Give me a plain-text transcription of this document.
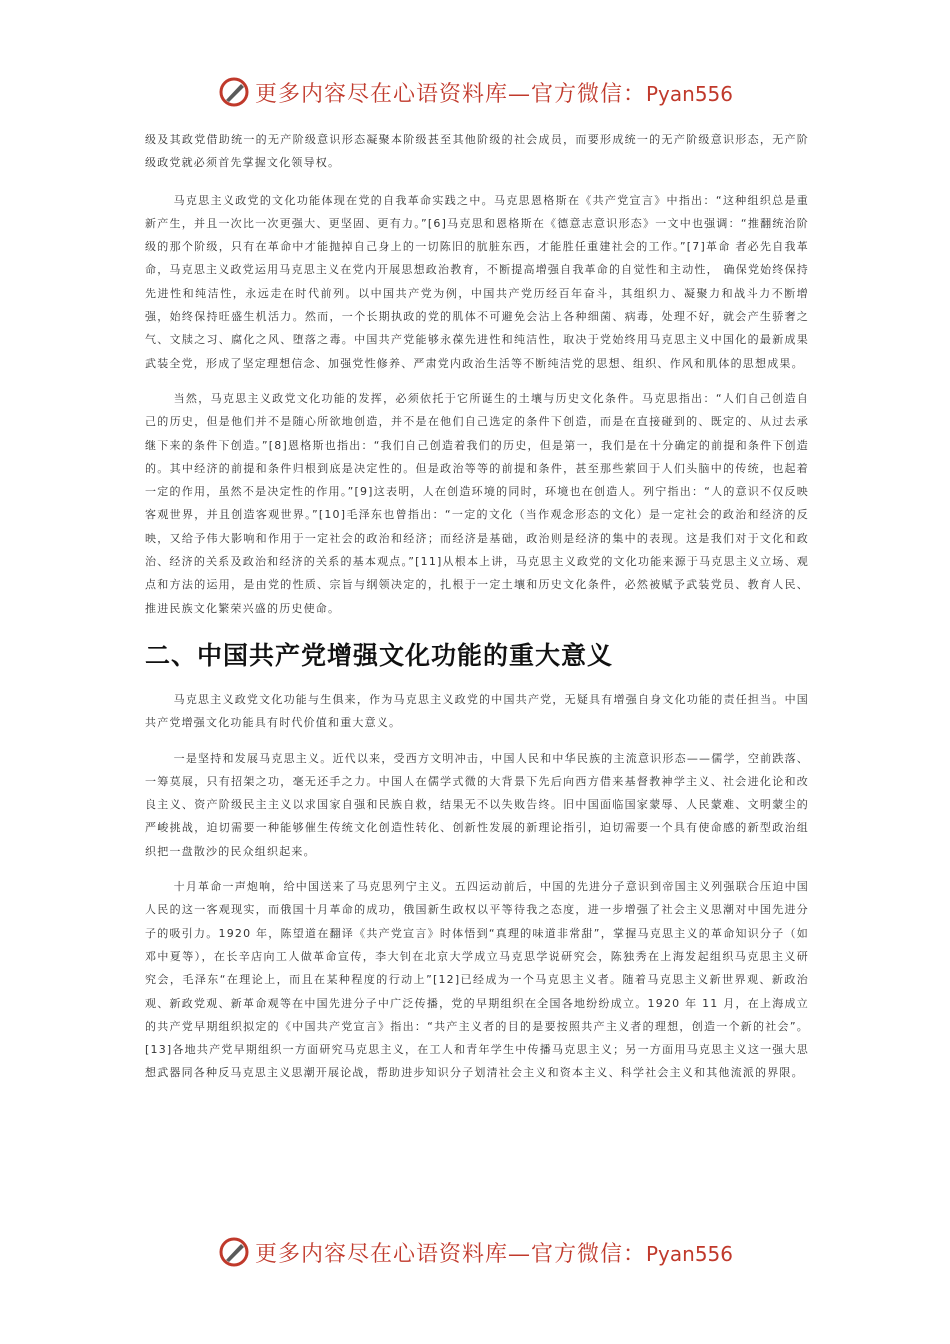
更多内容尽在心语资料库—官方微信：Pyan556

级及其政党借助统一的无产阶级意识形态凝聚本阶级甚至其他阶级的社会成员，而要形成统一的无产阶级意识形态，无产阶级政党就必须首先掌握文化领导权。

马克思主义政党的文化功能体现在党的自我革命实践之中。马克思恩格斯在《共产党宣言》中指出：“这种组织总是重新产生，并且一次比一次更强大、更坚固、更有力。”[6]马克思和恩格斯在《德意志意识形态》一文中也强调：“推翻统治阶级的那个阶级，只有在革命中才能抛掉自己身上的一切陈旧的肮脏东西，才能胜任重建社会的工作。”[7]革命 者必先自我革命，马克思主义政党运用马克思主义在党内开展思想政治教育，不断提高增强自我革命的自觉性和主动性， 确保党始终保持先进性和纯洁性，永远走在时代前列。以中国共产党为例，中国共产党历经百年奋斗，其组织力、凝聚力和战斗力不断增强，始终保持旺盛生机活力。然而，一个长期执政的党的肌体不可避免会沾上各种细菌、病毒，处理不好，就会产生骄奢之气、文牍之习、腐化之风、堕落之毒。中国共产党能够永葆先进性和纯洁性，取决于党始终用马克思主义中国化的最新成果武装全党，形成了坚定理想信念、加强党性修养、严肃党内政治生活等不断纯洁党的思想、组织、作风和肌体的思想成果。

当然，马克思主义政党文化功能的发挥，必须依托于它所诞生的土壤与历史文化条件。马克思指出：“人们自己创造自己的历史，但是他们并不是随心所欲地创造，并不是在他们自己选定的条件下创造，而是在直接碰到的、既定的、从过去承继下来的条件下创造。”[8]恩格斯也指出：“我们自己创造着我们的历史，但是第一，我们是在十分确定的前提和条件下创造的。其中经济的前提和条件归根到底是决定性的。但是政治等等的前提和条件，甚至那些萦回于人们头脑中的传统，也起着一定的作用，虽然不是决定性的作用。”[9]这表明，人在创造环境的同时，环境也在创造人。列宁指出：“人的意识不仅反映客观世界，并且创造客观世界。”[10]毛泽东也曾指出：“一定的文化（当作观念形态的文化）是一定社会的政治和经济的反映，又给予伟大影响和作用于一定社会的政治和经济；而经济是基础，政治则是经济的集中的表现。这是我们对于文化和政治、经济的关系及政治和经济的关系的基本观点。”[11]从根本上讲，马克思主义政党的文化功能来源于马克思主义立场、观点和方法的运用，是由党的性质、宗旨与纲领决定的，扎根于一定土壤和历史文化条件，必然被赋予武装党员、教育人民、推进民族文化繁荣兴盛的历史使命。

二、中国共产党增强文化功能的重大意义

马克思主义政党文化功能与生俱来，作为马克思主义政党的中国共产党，无疑具有增强自身文化功能的责任担当。中国共产党增强文化功能具有时代价值和重大意义。

一是坚持和发展马克思主义。近代以来，受西方文明冲击，中国人民和中华民族的主流意识形态——儒学，空前跌落、一筹莫展，只有招架之功，毫无还手之力。中国人在儒学式微的大背景下先后向西方借来基督教神学主义、社会进化论和改良主义、资产阶级民主主义以求国家自强和民族自救，结果无不以失败告终。旧中国面临国家蒙辱、人民蒙难、文明蒙尘的严峻挑战，迫切需要一种能够催生传统文化创造性转化、创新性发展的新理论指引，迫切需要一个具有使命感的新型政治组织把一盘散沙的民众组织起来。

十月革命一声炮响，给中国送来了马克思列宁主义。五四运动前后，中国的先进分子意识到帝国主义列强联合压迫中国人民的这一客观现实，而俄国十月革命的成功，俄国新生政权以平等待我之态度，进一步增强了社会主义思潮对中国先进分子的吸引力。1920 年，陈望道在翻译《共产党宣言》时体悟到“真理的味道非常甜”，掌握马克思主义的革命知识分子（如邓中夏等），在长辛店向工人做革命宣传，李大钊在北京大学成立马克思学说研究会，陈独秀在上海发起组织马克思主义研究会，毛泽东“在理论上，而且在某种程度的行动上”[12]已经成为一个马克思主义者。随着马克思主义新世界观、新政治观、新政党观、新革命观等在中国先进分子中广泛传播，党的早期组织在全国各地纷纷成立。1920 年 11 月，在上海成立的共产党早期组织拟定的《中国共产党宣言》指出：“共产主义者的目的是要按照共产主义者的理想，创造一个新的社会”。[13]各地共产党早期组织一方面研究马克思主义，在工人和青年学生中传播马克思主义；另一方面用马克思主义这一强大思想武器同各种反马克思主义思潮开展论战，帮助进步知识分子划清社会主义和资本主义、科学社会主义和其他流派的界限。

更多内容尽在心语资料库—官方微信：Pyan556
